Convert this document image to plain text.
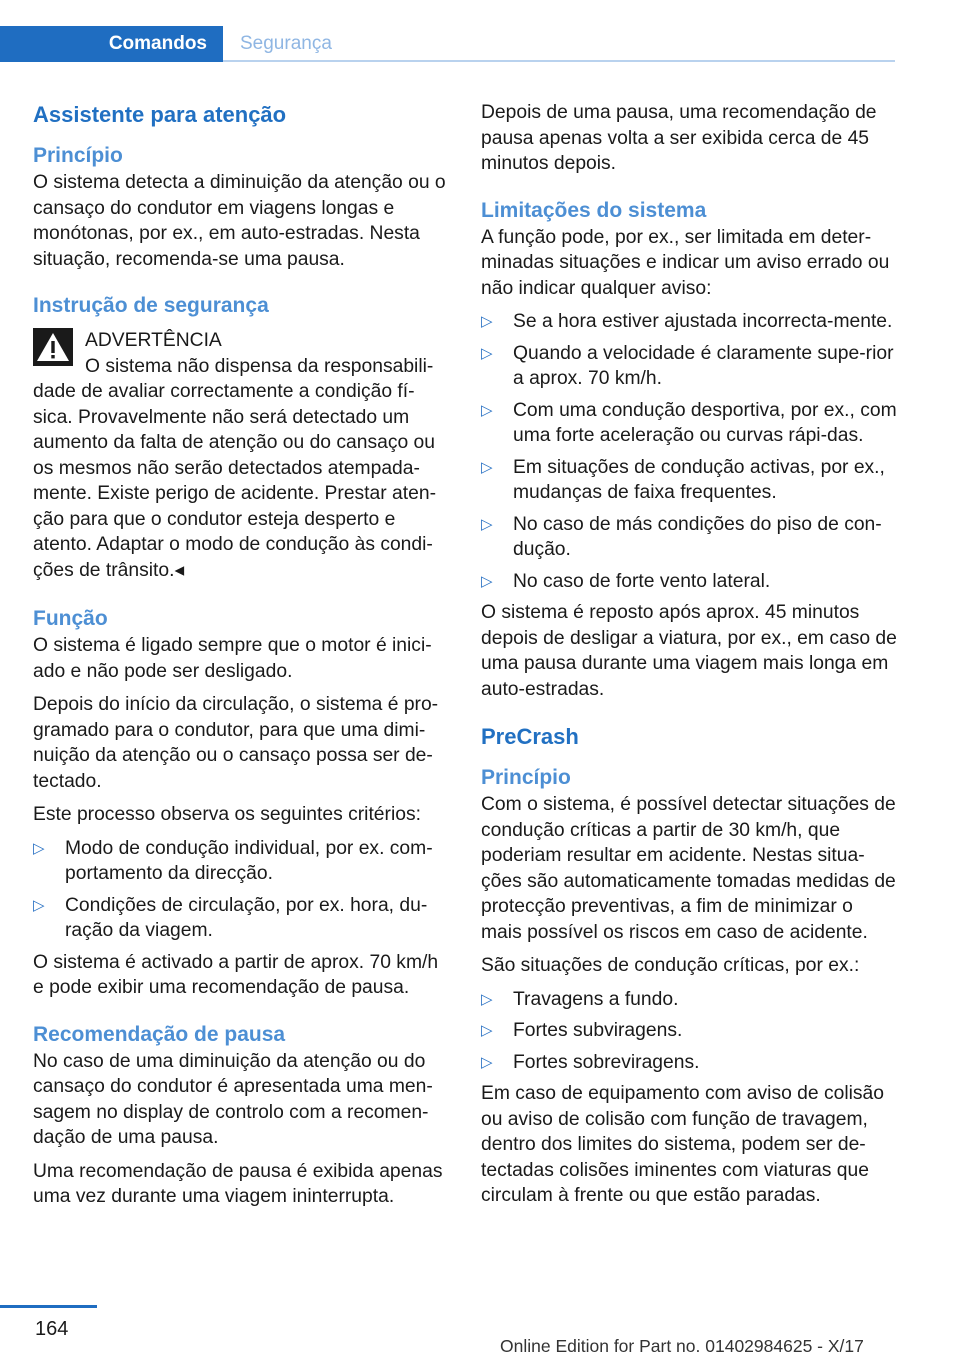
Comandos Segurança
Assistente para atenção
Princípio

O sistema detecta a diminuição da atenção ou o cansaço do condutor em viagens longas e monótonas, por ex., em auto-estradas. Nesta situação, recomenda-se uma pausa.

Instrução de segurança
ADVERTÊNCIA
O sistema não dispensa da responsabili‐
dade de avaliar correctamente a condição fí‐sica. Provavelmente não será detectado um aumento da falta de atenção ou do cansaço ou os mesmos não serão detectados atempada‐mente. Existe perigo de acidente. Prestar aten‐ção para que o condutor esteja desperto e atento. Adaptar o modo de condução às condi‐ções de trânsito.◂
Função

O sistema é ligado sempre que o motor é inici‐ado e não pode ser desligado.

Depois do início da circulação, o sistema é pro‐gramado para o condutor, para que uma dimi‐nuição da atenção ou o cansaço possa ser de‐tectado.

Este processo observa os seguintes critérios:

▷ Modo de condução individual, por ex. com‐portamento da direcção.
▷ Condições de circulação, por ex. hora, du‐ração da viagem.

O sistema é activado a partir de aprox. 70 km/h e pode exibir uma recomendação de pausa.

Recomendação de pausa

No caso de uma diminuição da atenção ou do cansaço do condutor é apresentada uma men‐sagem no display de controlo com a recomen‐dação de uma pausa.

Uma recomendação de pausa é exibida apenas uma vez durante uma viagem ininterrupta.

Depois de uma pausa, uma recomendação de pausa apenas volta a ser exibida cerca de 45 minutos depois.

Limitações do sistema

A função pode, por ex., ser limitada em deter‐minadas situações e indicar um aviso errado ou não indicar qualquer aviso:

▷ Se a hora estiver ajustada incorrecta‐mente.
▷ Quando a velocidade é claramente supe‐rior a aprox. 70 km/h.
▷ Com uma condução desportiva, por ex., com uma forte aceleração ou curvas rápi‐das.
▷ Em situações de condução activas, por ex., mudanças de faixa frequentes.
▷ No caso de más condições do piso de con‐dução.
▷ No caso de forte vento lateral.

O sistema é reposto após aprox. 45 minutos depois de desligar a viatura, por ex., em caso de uma pausa durante uma viagem mais longa em auto-estradas.

PreCrash
Princípio

Com o sistema, é possível detectar situações de condução críticas a partir de 30 km/h, que poderiam resultar em acidente. Nestas situa‐ções são automaticamente tomadas medidas de protecção preventivas, a fim de minimizar o mais possível os riscos em caso de acidente.

São situações de condução críticas, por ex.:

▷ Travagens a fundo.
▷ Fortes subviragens.
▷ Fortes sobreviragens.

Em caso de equipamento com aviso de colisão ou aviso de colisão com função de travagem, dentro dos limites do sistema, podem ser de‐tectadas colisões iminentes com viaturas que circulam à frente ou que estão paradas.

164
Online Edition for Part no. 01402984625 - X/17
